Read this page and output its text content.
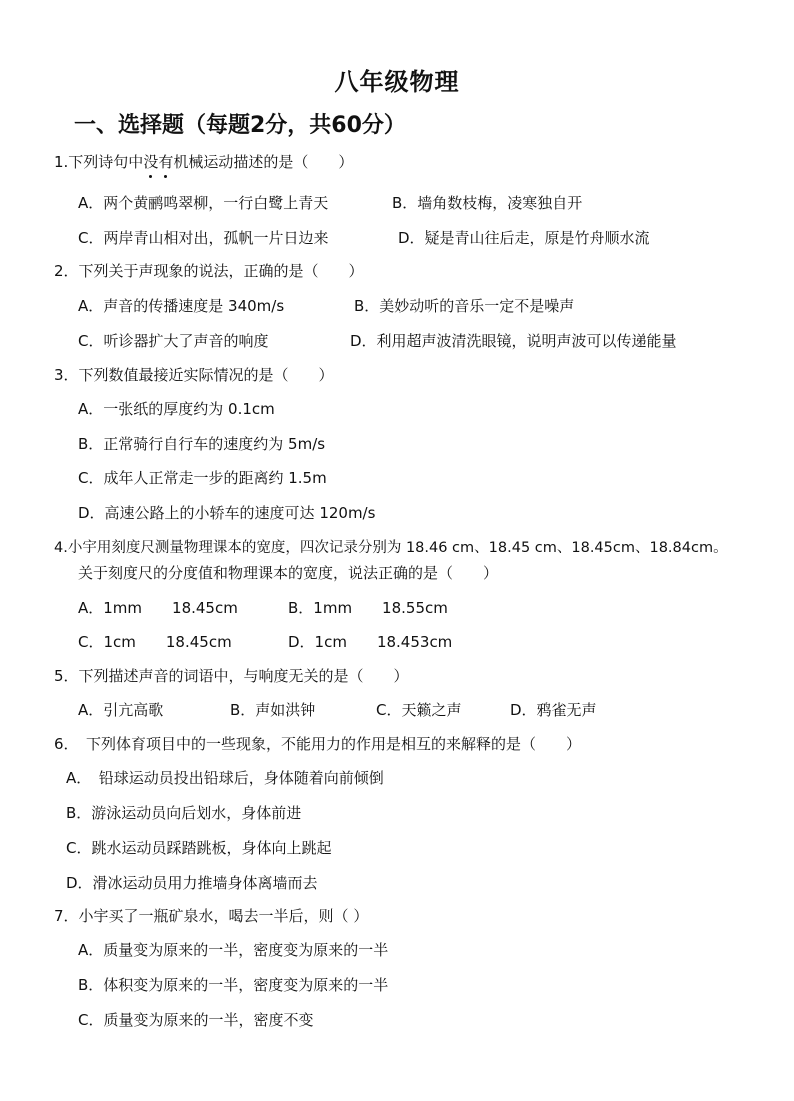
八年级物理
一、选择题（每题2分，共60分）
1.下列诗句中没有机械运动描述的是（　　）
A．两个黄鹂鸣翠柳，一行白鹭上青天	B．墙角数枝梅，凌寒独自开
C．两岸青山相对出，孤帆一片日边来	D．疑是青山往后走，原是竹舟顺水流
2．下列关于声现象的说法，正确的是（　　）
A．声音的传播速度是 340m/s	B．美妙动听的音乐一定不是噪声
C．听诊器扩大了声音的响度	D．利用超声波清洗眼镜，说明声波可以传递能量
3．下列数值最接近实际情况的是（　　）
A．一张纸的厚度约为 0.1cm
B．正常骑行自行车的速度约为 5m/s
C．成年人正常走一步的距离约 1.5m
D．高速公路上的小轿车的速度可达 120m/s
4.小宇用刻度尺测量物理课本的宽度，四次记录分别为 18.46 cm、18.45 cm、18.45cm、18.84cm。
关于刻度尺的分度值和物理课本的宽度，说法正确的是（　　）
A．1mm　　18.45cm	B．1mm　　18.55cm
C．1cm　　18.45cm	D．1cm　　18.453cm
5．下列描述声音的词语中，与响度无关的是（　　）
A．引亢高歌	B．声如洪钟	C．天籁之声	D．鸦雀无声
6．　下列体育项目中的一些现象，不能用力的作用是相互的来解释的是（　　）
A．　铅球运动员投出铅球后，身体随着向前倾倒
B．游泳运动员向后划水，身体前进
C．跳水运动员踩踏跳板，身体向上跳起
D．滑冰运动员用力推墙身体离墙而去
7．小宇买了一瓶矿泉水，喝去一半后，则（ ）
A．质量变为原来的一半，密度变为原来的一半
B．体积变为原来的一半，密度变为原来的一半
C．质量变为原来的一半，密度不变
